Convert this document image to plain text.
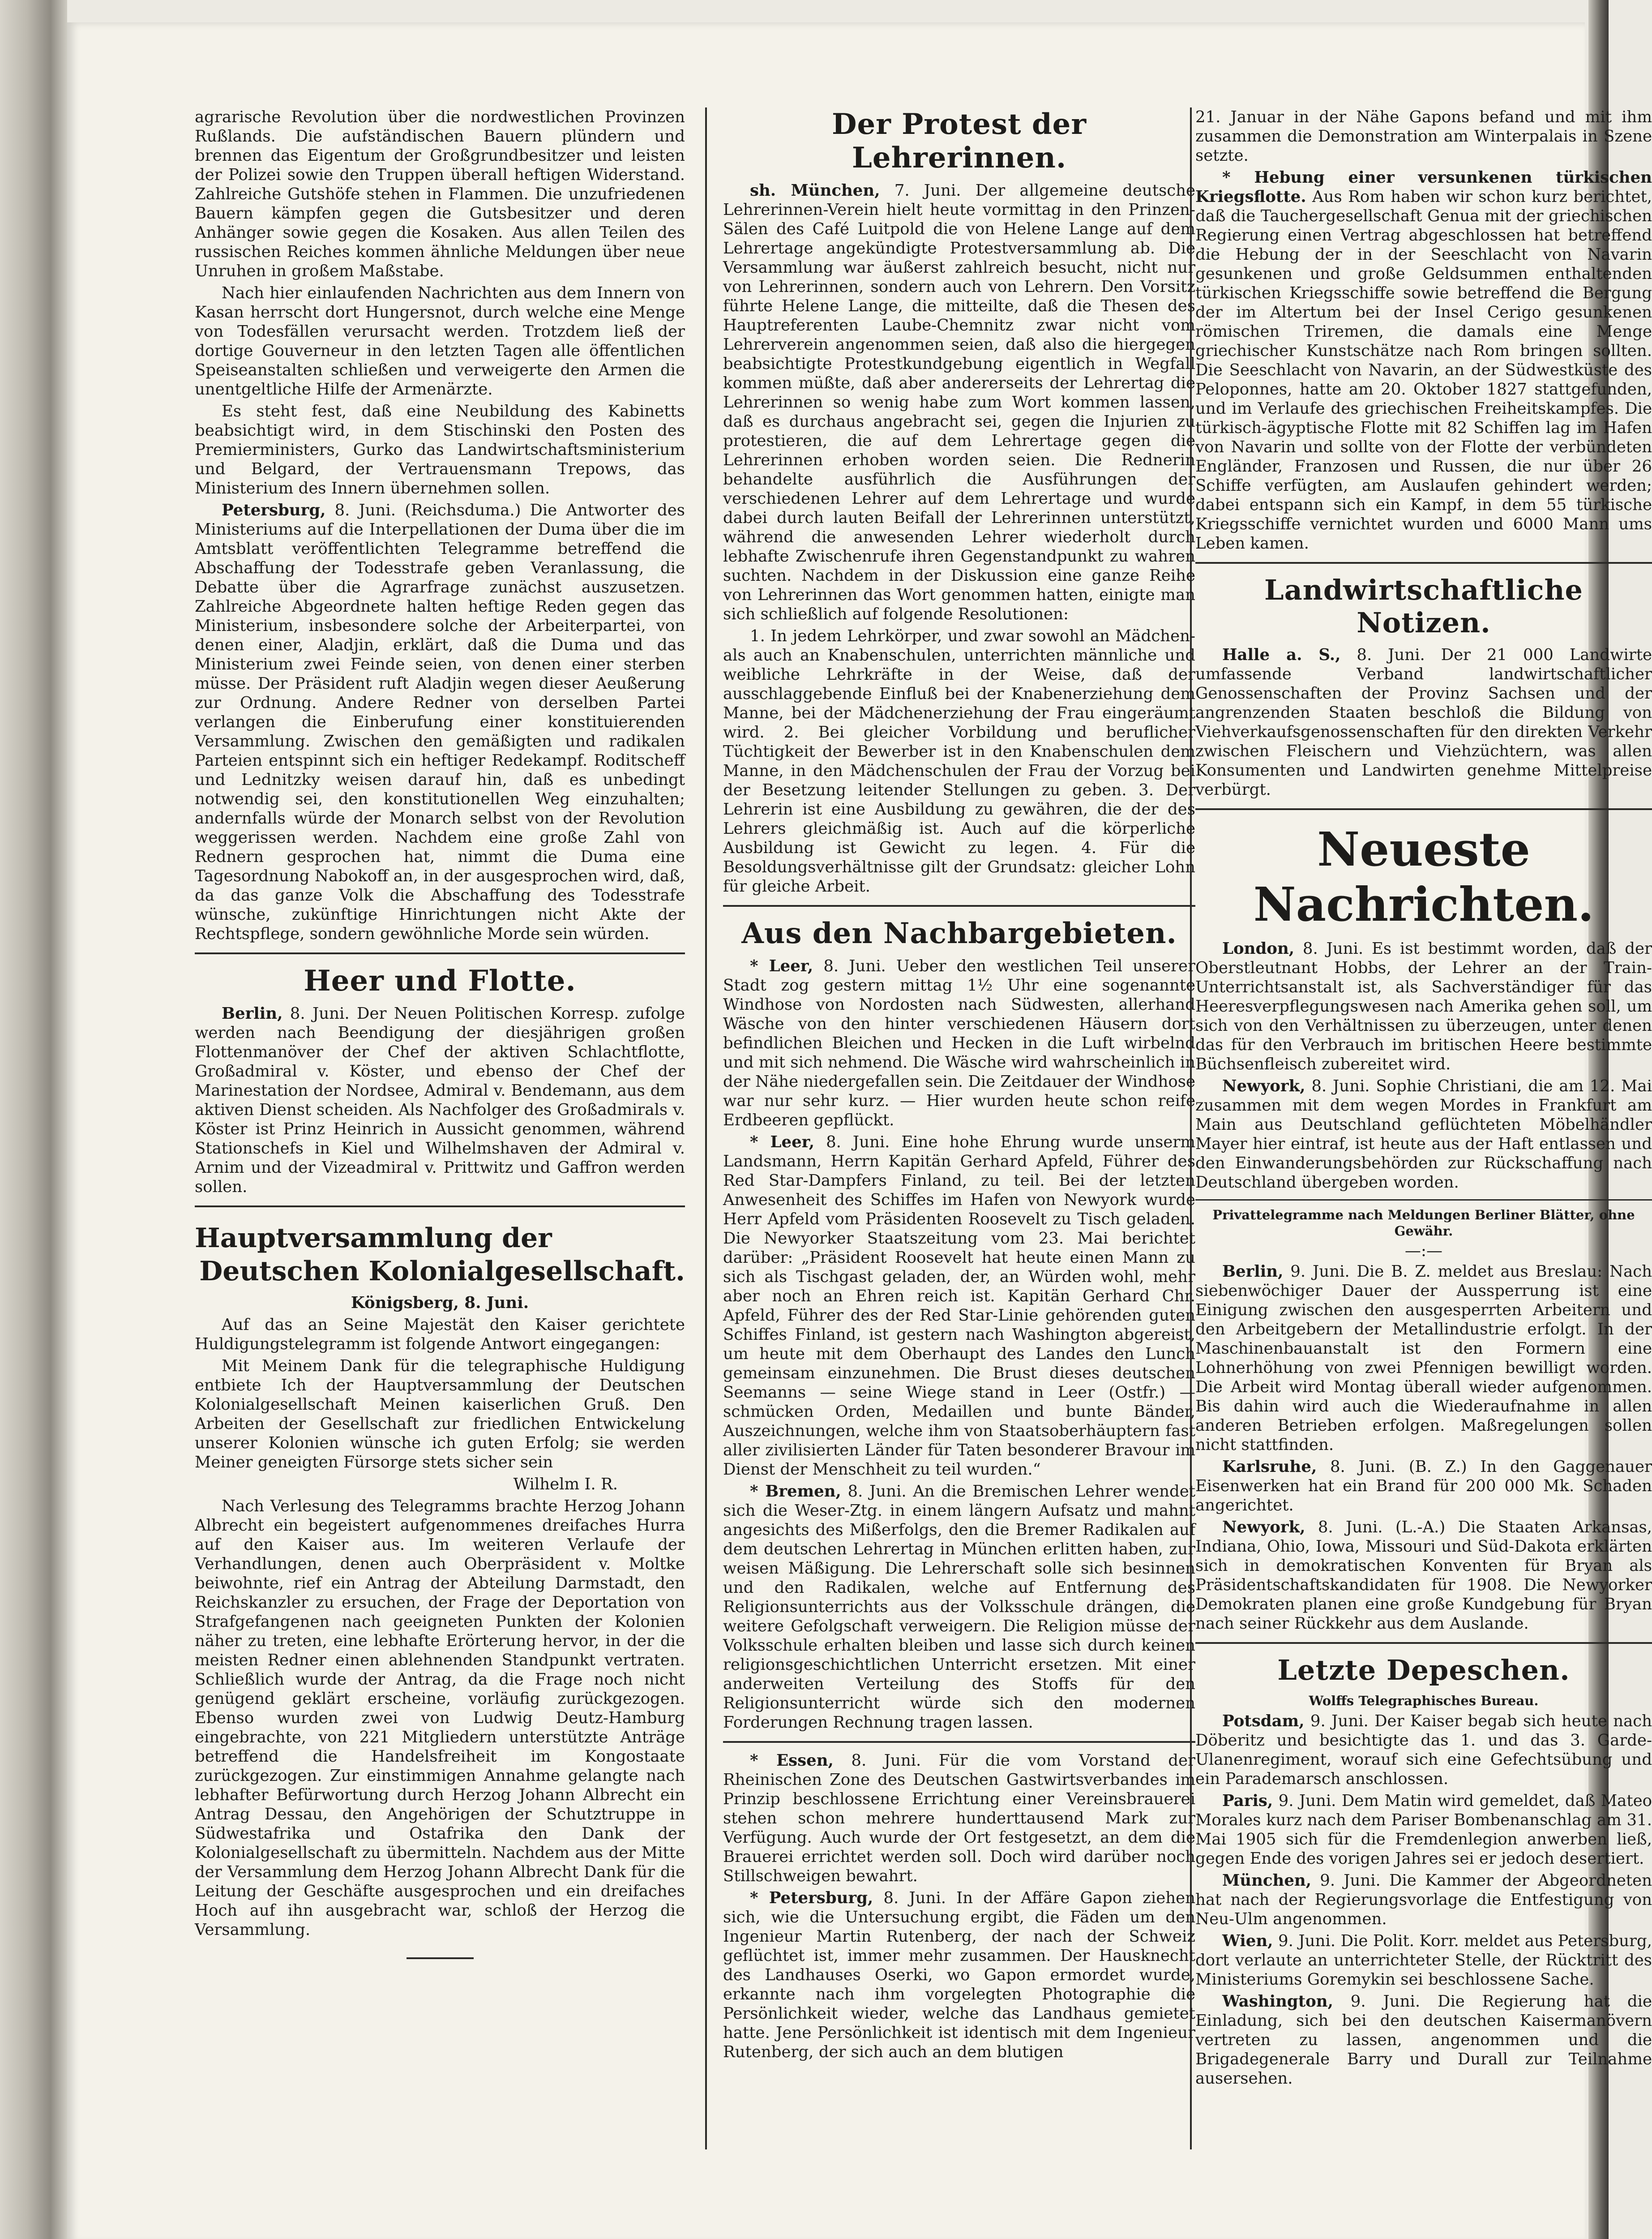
agrarische Revolution über die nordwestlichen Provinzen Rußlands. Die aufständischen Bauern plündern und brennen das Eigentum der Großgrundbesitzer und leisten der Polizei sowie den Truppen überall heftigen Widerstand. Zahlreiche Gutshöfe stehen in Flammen. Die unzufriedenen Bauern kämpfen gegen die Gutsbesitzer und deren Anhänger sowie gegen die Kosaken. Aus allen Teilen des russischen Reiches kommen ähnliche Meldungen über neue Unruhen in großem Maßstabe.

Nach hier einlaufenden Nachrichten aus dem Innern von Kasan herrscht dort Hungersnot, durch welche eine Menge von Todesfällen verursacht werden. Trotzdem ließ der dortige Gouverneur in den letzten Tagen alle öffentlichen Speiseanstalten schließen und verweigerte den Armen die unentgeltliche Hilfe der Armenärzte.

Es steht fest, daß eine Neubildung des Kabinetts beabsichtigt wird, in dem Stischinski den Posten des Premierministers, Gurko das Landwirtschaftsministerium und Belgard, der Vertrauensmann Trepows, das Ministerium des Innern übernehmen sollen.

Petersburg, 8. Juni. (Reichsduma.) Die Antworter des Ministeriums auf die Interpellationen der Duma über die im Amtsblatt veröffentlichten Telegramme betreffend die Abschaffung der Todesstrafe geben Veranlassung, die Debatte über die Agrarfrage zunächst auszusetzen. Zahlreiche Abgeordnete halten heftige Reden gegen das Ministerium, insbesondere solche der Arbeiterpartei, von denen einer, Aladjin, erklärt, daß die Duma und das Ministerium zwei Feinde seien, von denen einer sterben müsse. Der Präsident ruft Aladjin wegen dieser Aeußerung zur Ordnung. Andere Redner von derselben Partei verlangen die Einberufung einer konstituierenden Versammlung. Zwischen den gemäßigten und radikalen Parteien entspinnt sich ein heftiger Redekampf. Roditscheff und Lednitzky weisen darauf hin, daß es unbedingt notwendig sei, den konstitutionellen Weg einzuhalten; andernfalls würde der Monarch selbst von der Revolution weggerissen werden. Nachdem eine große Zahl von Rednern gesprochen hat, nimmt die Duma eine Tagesordnung Nabokoff an, in der ausgesprochen wird, daß, da das ganze Volk die Abschaffung des Todesstrafe wünsche, zukünftige Hinrichtungen nicht Akte der Rechtspflege, sondern gewöhnliche Morde sein würden.

Heer und Flotte.

Berlin, 8. Juni. Der Neuen Politischen Korresp. zufolge werden nach Beendigung der diesjährigen großen Flottenmanöver der Chef der aktiven Schlachtflotte, Großadmiral v. Köster, und ebenso der Chef der Marinestation der Nordsee, Admiral v. Bendemann, aus dem aktiven Dienst scheiden. Als Nachfolger des Großadmirals v. Köster ist Prinz Heinrich in Aussicht genommen, während Stationschefs in Kiel und Wilhelmshaven der Admiral v. Arnim und der Vizeadmiral v. Prittwitz und Gaffron werden sollen.

Hauptversammlung der
Deutschen Kolonialgesellschaft.

Königsberg, 8. Juni.

Auf das an Seine Majestät den Kaiser gerichtete Huldigungstelegramm ist folgende Antwort eingegangen:

Mit Meinem Dank für die telegraphische Huldigung entbiete Ich der Hauptversammlung der Deutschen Kolonialgesellschaft Meinen kaiserlichen Gruß. Den Arbeiten der Gesellschaft zur friedlichen Entwickelung unserer Kolonien wünsche ich guten Erfolg; sie werden Meiner geneigten Fürsorge stets sicher sein

Wilhelm I. R.

Nach Verlesung des Telegramms brachte Herzog Johann Albrecht ein begeistert aufgenommenes dreifaches Hurra auf den Kaiser aus. Im weiteren Verlaufe der Verhandlungen, denen auch Oberpräsident v. Moltke beiwohnte, rief ein Antrag der Abteilung Darmstadt, den Reichskanzler zu ersuchen, der Frage der Deportation von Strafgefangenen nach geeigneten Punkten der Kolonien näher zu treten, eine lebhafte Erörterung hervor, in der die meisten Redner einen ablehnenden Standpunkt vertraten. Schließlich wurde der Antrag, da die Frage noch nicht genügend geklärt erscheine, vorläufig zurückgezogen. Ebenso wurden zwei von Ludwig Deutz-Hamburg eingebrachte, von 221 Mitgliedern unterstützte Anträge betreffend die Handelsfreiheit im Kongostaate zurückgezogen. Zur einstimmigen Annahme gelangte nach lebhafter Befürwortung durch Herzog Johann Albrecht ein Antrag Dessau, den Angehörigen der Schutztruppe in Südwestafrika und Ostafrika den Dank der Kolonialgesellschaft zu übermitteln. Nachdem aus der Mitte der Versammlung dem Herzog Johann Albrecht Dank für die Leitung der Geschäfte ausgesprochen und ein dreifaches Hoch auf ihn ausgebracht war, schloß der Herzog die Versammlung.

Der Protest der Lehrerinnen.

sh. München, 7. Juni. Der allgemeine deutsche Lehrerinnen-Verein hielt heute vormittag in den Prinzen-Sälen des Café Luitpold die von Helene Lange auf dem Lehrertage angekündigte Protestversammlung ab. Die Versammlung war äußerst zahlreich besucht, nicht nur von Lehrerinnen, sondern auch von Lehrern. Den Vorsitz führte Helene Lange, die mitteilte, daß die Thesen des Hauptreferenten Laube-Chemnitz zwar nicht vom Lehrerverein angenommen seien, daß also die hiergegen beabsichtigte Protestkundgebung eigentlich in Wegfall kommen müßte, daß aber andererseits der Lehrertag die Lehrerinnen so wenig habe zum Wort kommen lassen, daß es durchaus angebracht sei, gegen die Injurien zu protestieren, die auf dem Lehrertage gegen die Lehrerinnen erhoben worden seien. Die Rednerin behandelte ausführlich die Ausführungen der verschiedenen Lehrer auf dem Lehrertage und wurde dabei durch lauten Beifall der Lehrerinnen unterstützt, während die anwesenden Lehrer wiederholt durch lebhafte Zwischenrufe ihren Gegenstandpunkt zu wahren suchten. Nachdem in der Diskussion eine ganze Reihe von Lehrerinnen das Wort genommen hatten, einigte man sich schließlich auf folgende Resolutionen:

1. In jedem Lehrkörper, und zwar sowohl an Mädchen- als auch an Knabenschulen, unterrichten männliche und weibliche Lehrkräfte in der Weise, daß der ausschlaggebende Einfluß bei der Knabenerziehung dem Manne, bei der Mädchenerziehung der Frau eingeräumt wird. 2. Bei gleicher Vorbildung und beruflicher Tüchtigkeit der Bewerber ist in den Knabenschulen dem Manne, in den Mädchenschulen der Frau der Vorzug bei der Besetzung leitender Stellungen zu geben. 3. Der Lehrerin ist eine Ausbildung zu gewähren, die der des Lehrers gleichmäßig ist. Auch auf die körperliche Ausbildung ist Gewicht zu legen. 4. Für die Besoldungsverhältnisse gilt der Grundsatz: gleicher Lohn für gleiche Arbeit.

Aus den Nachbargebieten.

* Leer, 8. Juni. Ueber den westlichen Teil unserer Stadt zog gestern mittag 1½ Uhr eine sogenannte Windhose von Nordosten nach Südwesten, allerhand Wäsche von den hinter verschiedenen Häusern dort befindlichen Bleichen und Hecken in die Luft wirbelnd und mit sich nehmend. Die Wäsche wird wahrscheinlich in der Nähe niedergefallen sein. Die Zeitdauer der Windhose war nur sehr kurz. — Hier wurden heute schon reife Erdbeeren gepflückt.

* Leer, 8. Juni. Eine hohe Ehrung wurde unserm Landsmann, Herrn Kapitän Gerhard Apfeld, Führer des Red Star-Dampfers Finland, zu teil. Bei der letzten Anwesenheit des Schiffes im Hafen von Newyork wurde Herr Apfeld vom Präsidenten Roosevelt zu Tisch geladen. Die Newyorker Staatszeitung vom 23. Mai berichtet darüber: „Präsident Roosevelt hat heute einen Mann zu sich als Tischgast geladen, der, an Würden wohl, mehr aber noch an Ehren reich ist. Kapitän Gerhard Chr. Apfeld, Führer des der Red Star-Linie gehörenden guten Schiffes Finland, ist gestern nach Washington abgereist, um heute mit dem Oberhaupt des Landes den Lunch gemeinsam einzunehmen. Die Brust dieses deutschen Seemanns — seine Wiege stand in Leer (Ostfr.) — schmücken Orden, Medaillen und bunte Bänder, Auszeichnungen, welche ihm von Staatsoberhäuptern fast aller zivilisierten Länder für Taten besonderer Bravour im Dienst der Menschheit zu teil wurden.“

* Bremen, 8. Juni. An die Bremischen Lehrer wendet sich die Weser-Ztg. in einem längern Aufsatz und mahnt angesichts des Mißerfolgs, den die Bremer Radikalen auf dem deutschen Lehrertag in München erlitten haben, zur weisen Mäßigung. Die Lehrerschaft solle sich besinnen und den Radikalen, welche auf Entfernung des Religionsunterrichts aus der Volksschule drängen, die weitere Gefolgschaft verweigern. Die Religion müsse der Volksschule erhalten bleiben und lasse sich durch keinen religionsgeschichtlichen Unterricht ersetzen. Mit einer anderweiten Verteilung des Stoffs für den Religionsunterricht würde sich den modernen Forderungen Rechnung tragen lassen.

* Essen, 8. Juni. Für die vom Vorstand der Rheinischen Zone des Deutschen Gastwirtsverbandes im Prinzip beschlossene Errichtung einer Vereinsbrauerei stehen schon mehrere hunderttausend Mark zur Verfügung. Auch wurde der Ort festgesetzt, an dem die Brauerei errichtet werden soll. Doch wird darüber noch Stillschweigen bewahrt.

* Petersburg, 8. Juni. In der Affäre Gapon ziehen sich, wie die Untersuchung ergibt, die Fäden um den Ingenieur Martin Rutenberg, der nach der Schweiz geflüchtet ist, immer mehr zusammen. Der Hausknecht des Landhauses Oserki, wo Gapon ermordet wurde, erkannte nach ihm vorgelegten Photographie die Persönlichkeit wieder, welche das Landhaus gemietet hatte. Jene Persönlichkeit ist identisch mit dem Ingenieur Rutenberg, der sich auch an dem blutigen

21. Januar in der Nähe Gapons befand und mit ihm zusammen die Demonstration am Winterpalais in Szene setzte.

* Hebung einer versunkenen türkischen Kriegsflotte. Aus Rom haben wir schon kurz berichtet, daß die Tauchergesellschaft Genua mit der griechischen Regierung einen Vertrag abgeschlossen hat betreffend die Hebung der in der Seeschlacht von Navarin gesunkenen und große Geldsummen enthaltenden türkischen Kriegsschiffe sowie betreffend die Bergung der im Altertum bei der Insel Cerigo gesunkenen römischen Triremen, die damals eine Menge griechischer Kunstschätze nach Rom bringen sollten. Die Seeschlacht von Navarin, an der Südwestküste des Peloponnes, hatte am 20. Oktober 1827 stattgefunden, und im Verlaufe des griechischen Freiheitskampfes. Die türkisch-ägyptische Flotte mit 82 Schiffen lag im Hafen von Navarin und sollte von der Flotte der verbündeten Engländer, Franzosen und Russen, die nur über 26 Schiffe verfügten, am Auslaufen gehindert werden; dabei entspann sich ein Kampf, in dem 55 türkische Kriegsschiffe vernichtet wurden und 6000 Mann ums Leben kamen.

Landwirtschaftliche Notizen.

Halle a. S., 8. Juni. Der 21 000 Landwirte umfassende Verband landwirtschaftlicher Genossenschaften der Provinz Sachsen und der angrenzenden Staaten beschloß die Bildung von Viehverkaufsgenossenschaften für den direkten Verkehr zwischen Fleischern und Viehzüchtern, was allen Konsumenten und Landwirten genehme Mittelpreise verbürgt.

Neueste Nachrichten.

London, 8. Juni. Es ist bestimmt worden, daß der Oberstleutnant Hobbs, der Lehrer an der Train-Unterrichtsanstalt ist, als Sachverständiger für das Heeresverpflegungswesen nach Amerika gehen soll, um sich von den Verhältnissen zu überzeugen, unter denen das für den Verbrauch im britischen Heere bestimmte Büchsenfleisch zubereitet wird.

Newyork, 8. Juni. Sophie Christiani, die am 12. Mai zusammen mit dem wegen Mordes in Frankfurt am Main aus Deutschland geflüchteten Möbelhändler Mayer hier eintraf, ist heute aus der Haft entlassen und den Einwanderungsbehörden zur Rückschaffung nach Deutschland übergeben worden.

Privattelegramme nach Meldungen Berliner Blätter, ohne Gewähr.

—:—

Berlin, 9. Juni. Die B. Z. meldet aus Breslau: Nach siebenwöchiger Dauer der Aussperrung ist eine Einigung zwischen den ausgesperrten Arbeitern und den Arbeitgebern der Metallindustrie erfolgt. In der Maschinenbauanstalt ist den Formern eine Lohnerhöhung von zwei Pfennigen bewilligt worden. Die Arbeit wird Montag überall wieder aufgenommen. Bis dahin wird auch die Wiederaufnahme in allen anderen Betrieben erfolgen. Maßregelungen sollen nicht stattfinden.

Karlsruhe, 8. Juni. (B. Z.) In den Gaggenauer Eisenwerken hat ein Brand für 200 000 Mk. Schaden angerichtet.

Newyork, 8. Juni. (L.-A.) Die Staaten Arkansas, Indiana, Ohio, Iowa, Missouri und Süd-Dakota erklärten sich in demokratischen Konventen für Bryan als Präsidentschaftskandidaten für 1908. Die Newyorker Demokraten planen eine große Kundgebung für Bryan nach seiner Rückkehr aus dem Auslande.

Letzte Depeschen.

Wolffs Telegraphisches Bureau.

Potsdam, 9. Juni. Der Kaiser begab sich heute nach Döberitz und besichtigte das 1. und das 3. Garde-Ulanenregiment, worauf sich eine Gefechtsübung und ein Parademarsch anschlossen.

Paris, 9. Juni. Dem Matin wird gemeldet, daß Mateo Morales kurz nach dem Pariser Bombenanschlag am 31. Mai 1905 sich für die Fremdenlegion anwerben ließ, gegen Ende des vorigen Jahres sei er jedoch desertiert.

München, 9. Juni. Die Kammer der Abgeordneten hat nach der Regierungsvorlage die Entfestigung von Neu-Ulm angenommen.

Wien, 9. Juni. Die Polit. Korr. meldet aus Petersburg, dort verlaute an unterrichteter Stelle, der Rücktritt des Ministeriums Goremykin sei beschlossene Sache.

Washington, 9. Juni. Die Regierung hat die Einladung, sich bei den deutschen Kaisermanövern vertreten zu lassen, angenommen und die Brigadegenerale Barry und Durall zur Teilnahme ausersehen.
